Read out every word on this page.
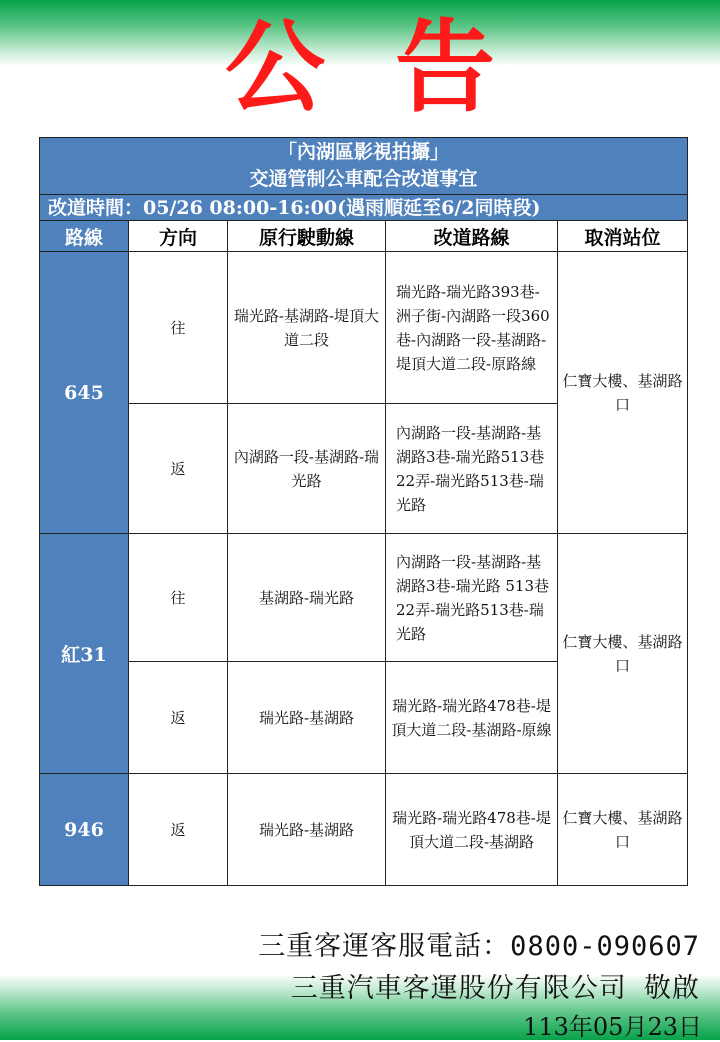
公告
「內湖區影視拍攝」
交通管制公車配合改道事宜				

改道時間：05/26 08:00-16:00(遇雨順延至6/2同時段)				
路線	方向	原行駛動線	改道路線	取消站位
645	往	瑞光路-基湖路-堤頂大道二段	瑞光路-瑞光路393巷-洲子街-內湖路一段360巷-內湖路一段-基湖路-堤頂大道二段-原路線	仁寶大樓、基湖路口
	返	內湖路一段-基湖路-瑞光路	內湖路一段-基湖路-基湖路3巷-瑞光路513巷22弄-瑞光路513巷-瑞光路	
紅31	往	基湖路-瑞光路	內湖路一段-基湖路-基湖路3巷-瑞光路 513巷22弄-瑞光路513巷-瑞光路	仁寶大樓、基湖路口
	返	瑞光路-基湖路	瑞光路-瑞光路478巷-堤頂大道二段-基湖路-原線	
946	返	瑞光路-基湖路	瑞光路-瑞光路478巷-堤頂大道二段-基湖路	仁寶大樓、基湖路口
三重客運客服電話：0800-090607
三重汽車客運股份有限公司 敬啟
113年05月23日
